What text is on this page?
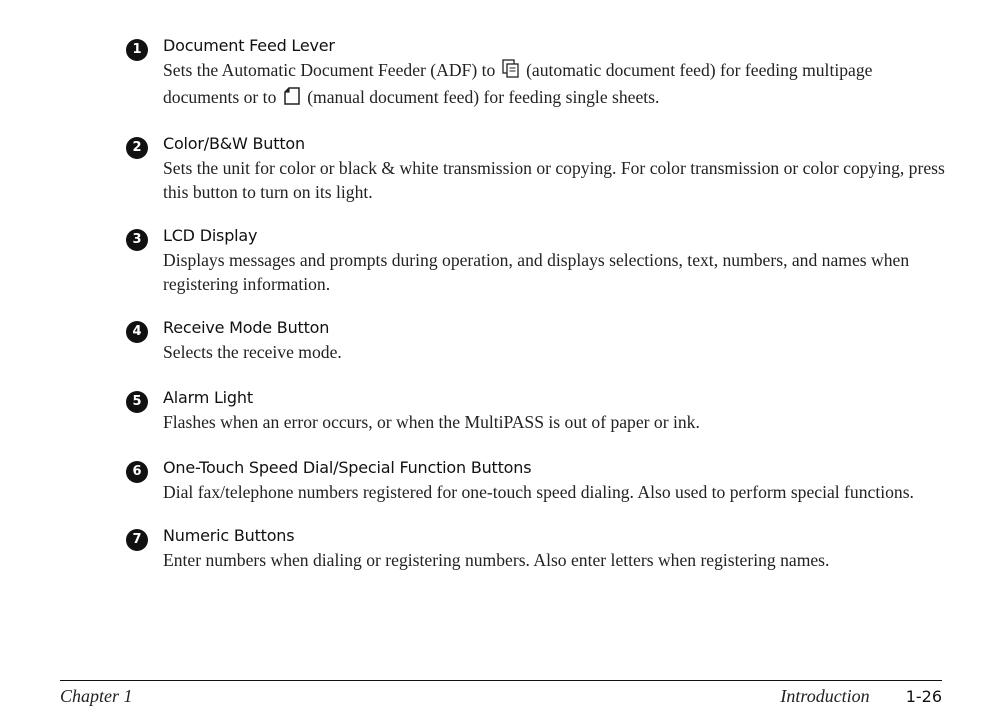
1	Document Feed Lever
Sets the Automatic Document Feeder (ADF) to (automatic document feed) for feeding multipage documents or to (manual document feed) for feeding single sheets.
2	Color/B&W Button
Sets the unit for color or black & white transmission or copying. For color transmission or color copying, press this button to turn on its light.
3	LCD Display
Displays messages and prompts during operation, and displays selections, text, numbers, and names when registering information.
4	Receive Mode Button
Selects the receive mode.
5	Alarm Light
Flashes when an error occurs, or when the MultiPASS is out of paper or ink.
6	One-Touch Speed Dial/Special Function Buttons
Dial fax/telephone numbers registered for one-touch speed dialing. Also used to perform special functions.
7	Numeric Buttons
Enter numbers when dialing or registering numbers. Also enter letters when registering names.
Chapter 1	Introduction 1-26
